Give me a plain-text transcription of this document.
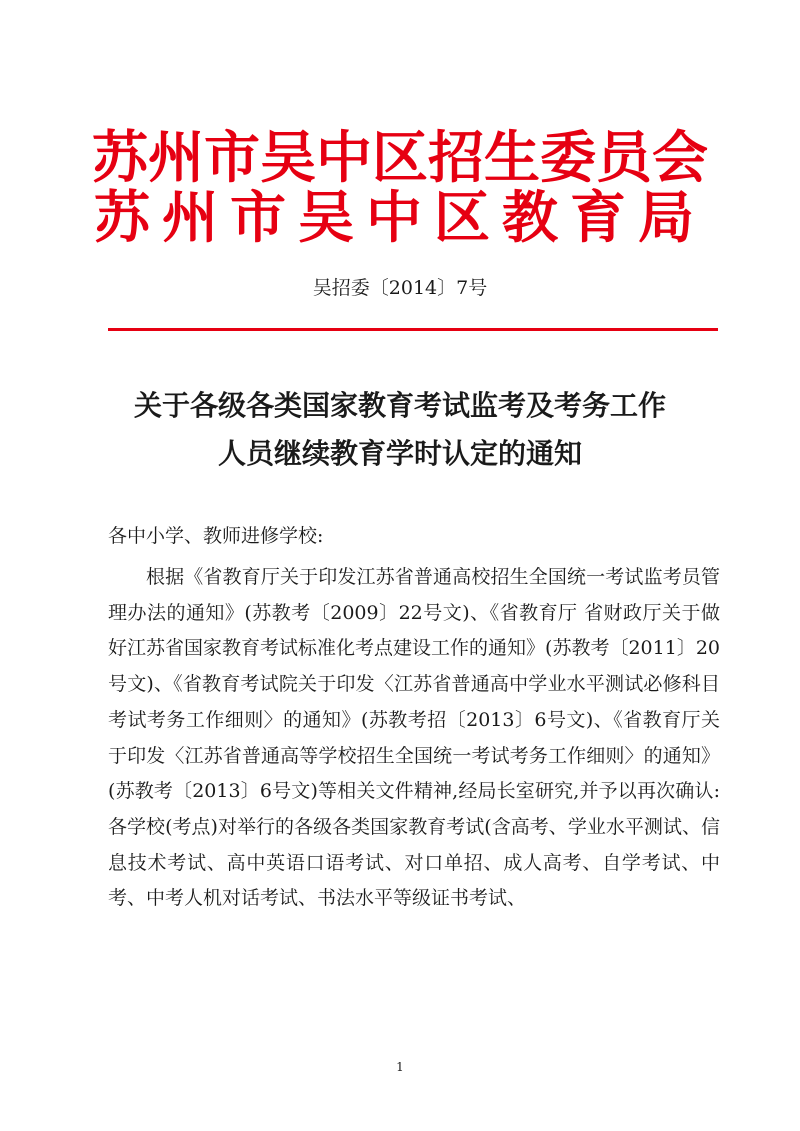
苏州市吴中区招生委员会
苏州市吴中区教育局
吴招委〔2014〕7号
关于各级各类国家教育考试监考及考务工作
人员继续教育学时认定的通知
各中小学、教师进修学校:

根据《省教育厅关于印发江苏省普通高校招生全国统一考试监考员管理办法的通知》(苏教考〔2009〕22号文)、《省教育厅 省财政厅关于做好江苏省国家教育考试标准化考点建设工作的通知》(苏教考〔2011〕20号文)、《省教育考试院关于印发〈江苏省普通高中学业水平测试必修科目考试考务工作细则〉的通知》(苏教考招〔2013〕6号文)、《省教育厅关于印发〈江苏省普通高等学校招生全国统一考试考务工作细则〉的通知》(苏教考〔2013〕6号文)等相关文件精神,经局长室研究,并予以再次确认:各学校(考点)对举行的各级各类国家教育考试(含高考、学业水平测试、信息技术考试、高中英语口语考试、对口单招、成人高考、自学考试、中考、中考人机对话考试、书法水平等级证书考试、

1
